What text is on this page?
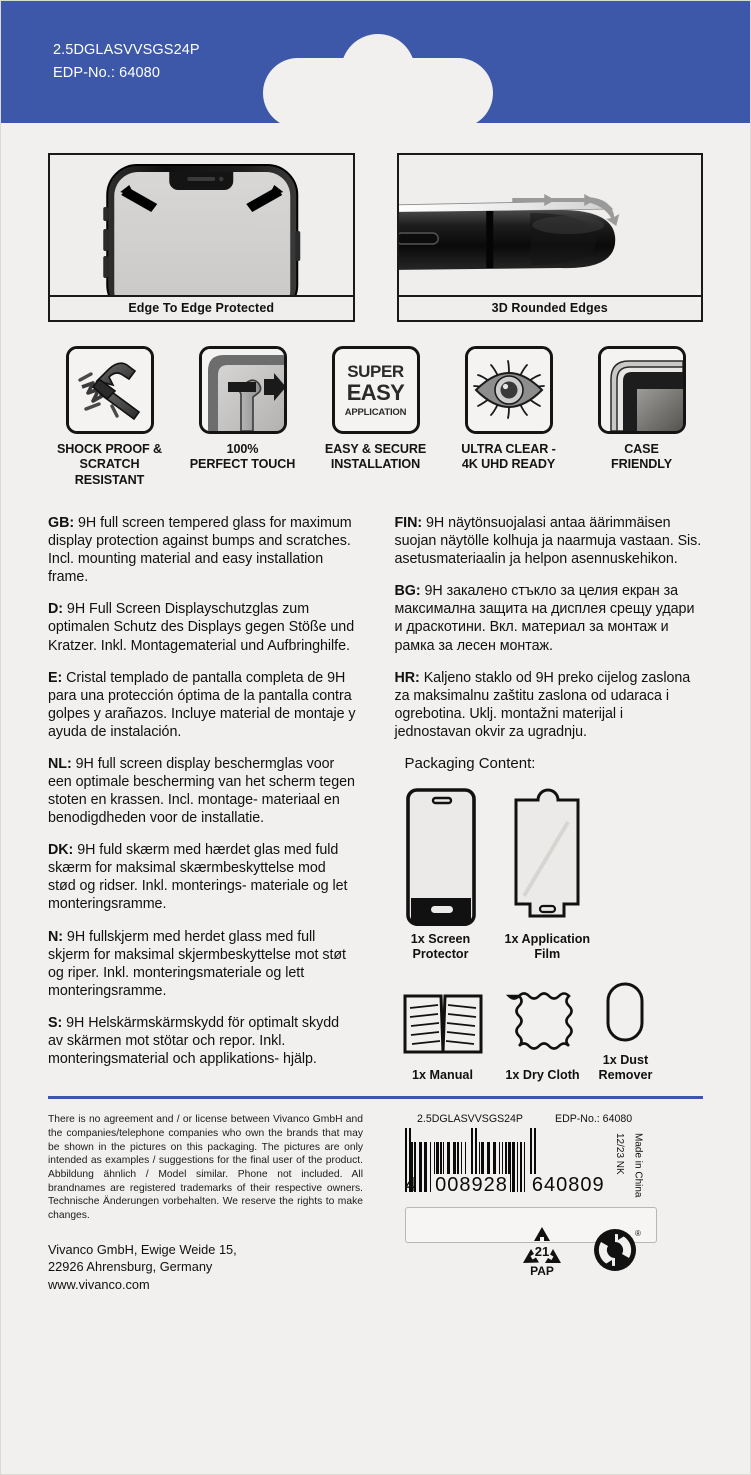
2.5DGLASVVSGS24P
EDP-No.: 64080
Edge To Edge Protected	3D Rounded Edges
SHOCK PROOF &
SCRATCH RESISTANT
100%
PERFECT TOUCH
SUPER
EASY
APPLICATION
EASY & SECURE
INSTALLATION
ULTRA CLEAR -
4K UHD READY
CASE
FRIENDLY

GB: 9H full screen tempered glass for maximum display protection against bumps and scratches. Incl. mounting material and easy installation frame.

D: 9H Full Screen Displayschutzglas zum optimalen Schutz des Displays gegen Stöße und Kratzer. Inkl. Montagematerial und Aufbringhilfe.

E: Cristal templado de pantalla completa de 9H para una protección óptima de la pantalla contra golpes y arañazos. Incluye material de montaje y ayuda de instalación.

NL: 9H full screen display beschermglas voor een optimale bescherming van het scherm tegen stoten en krassen. Incl. montage- materiaal en benodigdheden voor de installatie.

DK: 9H fuld skærm med hærdet glas med fuld skærm for maksimal skærmbeskyttelse mod stød og ridser. Inkl. monterings- materiale og let monteringsramme.

N: 9H fullskjerm med herdet glass med full skjerm for maksimal skjermbeskyttelse mot støt og riper. Inkl. monteringsmateriale og lett monteringsramme.

S: 9H Helskärmskärmskydd för optimalt skydd av skärmen mot stötar och repor. Inkl. monteringsmaterial och applikations- hjälp.

FIN: 9H näytönsuojalasi antaa äärimmäisen suojan näytölle kolhuja ja naarmuja vastaan. Sis. asetusmateriaalin ja helpon asennuskehikon.

BG: 9H закалено стъкло за целия екран за максимална защита на дисплея срещу удари и драскотини. Вкл. материал за монтаж и рамка за лесен монтаж.

HR: Kaljeno staklo od 9H preko cijelog zaslona za maksimalnu zaštitu zaslona od udaraca i ogrebotina. Uklj. montažni materijal i jednostavan okvir za ugradnju.

Packaging Content:
1x Screen
Protector
1x Application
Film
1x Manual	1x Dry Cloth
1x Dust
Remover

There is no agreement and / or license between Vivanco GmbH and the companies/telephone companies who own the brands that may be shown in the pictures on this packaging. The pictures are only intended as examples / suggestions for the final user of the product. Abbildung ähnlich / Model similar. Phone not included. All brandnames are registered trademarks of their respective owners. Technische Änderungen vorbehalten. We reserve the rights to make changes.

Vivanco GmbH, Ewige Weide 15,
22926 Ahrensburg, Germany
www.vivanco.com
2.5DGLASVVSGS24P	EDP-No.: 64080
4 008928 640809
12/23 NK Made in China
21
PAP
®
